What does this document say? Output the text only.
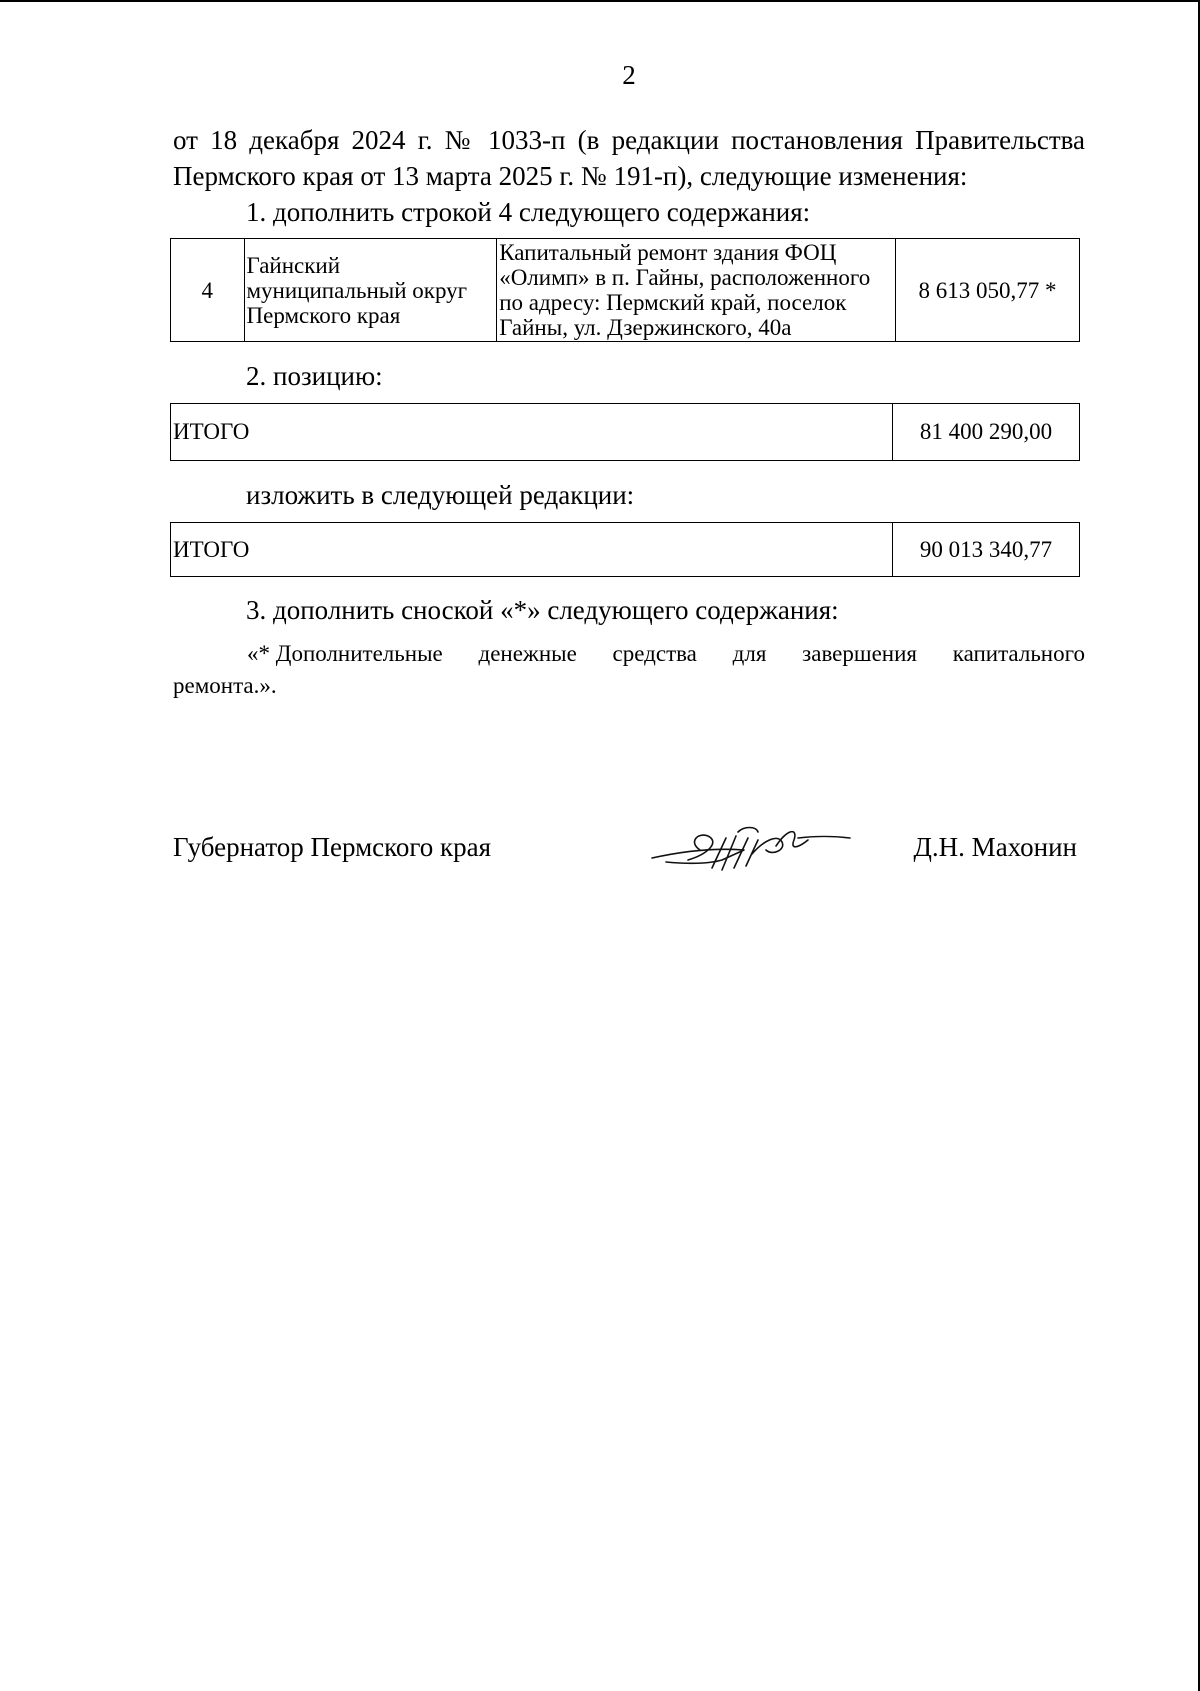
2
от 18 декабря 2024 г. № 1033-п (в редакции постановления Правительства Пермского края от 13 марта 2025 г. № 191-п), следующие изменения:
1. дополнить строкой 4 следующего содержания:
4	Гайнский муниципальный округ Пермского края	Капитальный ремонт здания ФОЦ «Олимп» в п. Гайны, расположенного по адресу: Пермский край, поселок Гайны, ул. Дзержинского, 40а	8 613 050,77 *
2. позицию:
ИТОГО	81 400 290,00
изложить в следующей редакции:
ИТОГО	90 013 340,77
3. дополнить сноской «*» следующего содержания:
«* Дополнительные денежные средства для завершения капитального
ремонта.».
Губернатор Пермского края	Д.Н. Махонин
